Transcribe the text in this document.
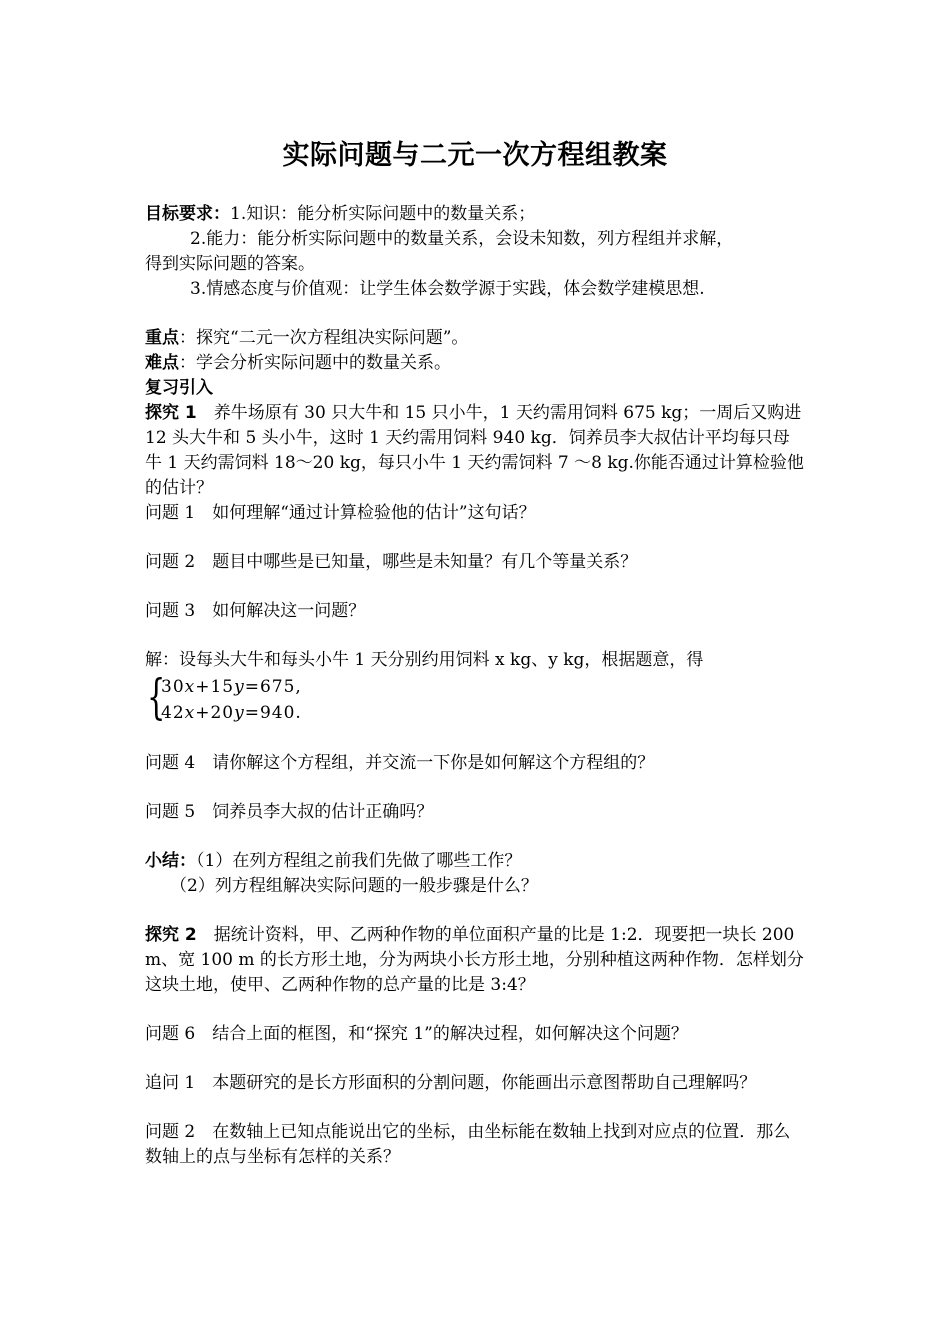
实际问题与二元一次方程组教案

目标要求：1.知识：能分析实际问题中的数量关系；

2.能力：能分析实际问题中的数量关系，会设未知数，列方程组并求解，

得到实际问题的答案。

3.情感态度与价值观：让学生体会数学源于实践，体会数学建模思想.

重点：探究“二元一次方程组决实际问题”。

难点：学会分析实际问题中的数量关系。

复习引入

探究 1　 养牛场原有 30 只大牛和 15 只小牛，1 天约需用饲料 675 kg；一周后又购进 12 头大牛和 5 头小牛，这时 1 天约需用饲料 940 kg．饲养员李大叔估计平均每只母牛 1 天约需饲料 18～20 kg，每只小牛 1 天约需饲料 7 ～8 kg.你能否通过计算检验他的估计？

问题 1　如何理解“通过计算检验他的估计”这句话？

问题 2　题目中哪些是已知量，哪些是未知量？有几个等量关系？

问题 3　如何解决这一问题？

解：设每头大牛和每头小牛 1 天分别约用饲料 x kg、y kg，根据题意，得

{
30x+15y=675,
42x+20y=940.

问题 4　请你解这个方程组，并交流一下你是如何解这个方程组的？

问题 5　饲养员李大叔的估计正确吗？

小结：（1）在列方程组之前我们先做了哪些工作？

（2）列方程组解决实际问题的一般步骤是什么？

探究 2　 据统计资料，甲、乙两种作物的单位面积产量的比是 1:2．现要把一块长 200 m、宽 100 m 的长方形土地，分为两块小长方形土地，分别种植这两种作物．怎样划分这块土地，使甲、乙两种作物的总产量的比是 3:4？

问题 6　结合上面的框图，和“探究 1”的解决过程，如何解决这个问题？

追问 1　本题研究的是长方形面积的分割问题，你能画出示意图帮助自己理解吗？

问题 2　在数轴上已知点能说出它的坐标，由坐标能在数轴上找到对应点的位置．那么数轴上的点与坐标有怎样的关系？
